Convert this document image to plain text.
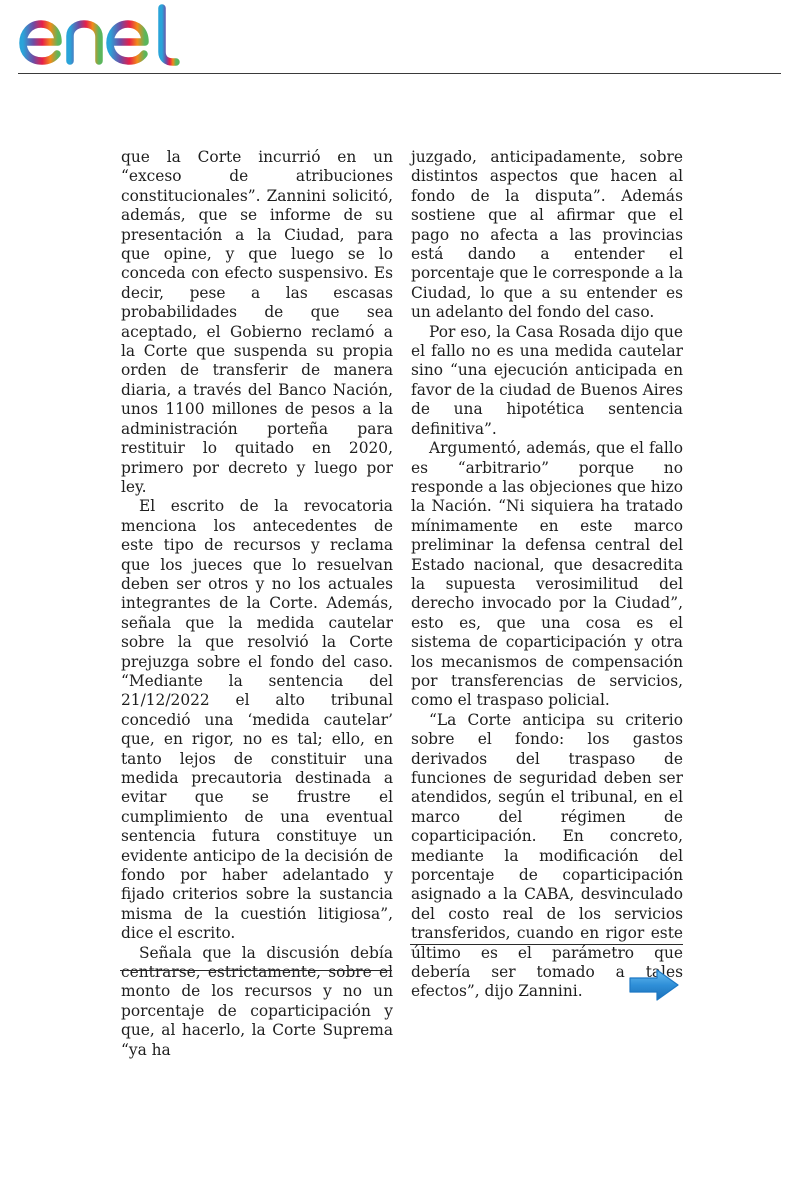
que la Corte incurrió en un “exceso de atribuciones constitucionales”. Zannini solicitó, además, que se informe de su presentación a la Ciudad, para que opine, y que luego se lo conceda con efecto suspensivo. Es decir, pese a las escasas probabilidades de que sea aceptado, el Gobierno reclamó a la Corte que suspenda su propia orden de transferir de manera diaria, a través del Banco Nación, unos 1100 millones de pesos a la administración porteña para restituir lo quitado en 2020, primero por decreto y luego por ley.

El escrito de la revocatoria menciona los antecedentes de este tipo de recursos y reclama que los jueces que lo resuelvan deben ser otros y no los actuales integrantes de la Corte. Además, señala que la medida cautelar sobre la que resolvió la Corte prejuzga sobre el fondo del caso. “Mediante la sentencia del 21/12/2022 el alto tribunal concedió una ‘medida cautelar’ que, en rigor, no es tal; ello, en tanto lejos de constituir una medida precautoria destinada a evitar que se frustre el cumplimiento de una eventual sentencia futura constituye un evidente anticipo de la decisión de fondo por haber adelantado y fijado criterios sobre la sustancia misma de la cuestión litigiosa”, dice el escrito.

Señala que la discusión debía centrarse, estrictamente, sobre el monto de los recursos y no un porcentaje de coparticipación y que, al hacerlo, la Corte Suprema “ya ha

juzgado, anticipadamente, sobre distintos aspectos que hacen al fondo de la disputa”. Además sostiene que al afirmar que el pago no afecta a las provincias está dando a entender el porcentaje que le corresponde a la Ciudad, lo que a su entender es un adelanto del fondo del caso.

Por eso, la Casa Rosada dijo que el fallo no es una medida cautelar sino “una ejecución anticipada en favor de la ciudad de Buenos Aires de una hipotética sentencia definitiva”.

Argumentó, además, que el fallo es “arbitrario” porque no responde a las objeciones que hizo la Nación. “Ni siquiera ha tratado mínimamente en este marco preliminar la defensa central del Estado nacional, que desacredita la supuesta verosimilitud del derecho invocado por la Ciudad”, esto es, que una cosa es el sistema de coparticipación y otra los mecanismos de compensación por transferencias de servicios, como el traspaso policial.

“La Corte anticipa su criterio sobre el fondo: los gastos derivados del traspaso de funciones de seguridad deben ser atendidos, según el tribunal, en el marco del régimen de coparticipación. En concreto, mediante la modificación del porcentaje de coparticipación asignado a la CABA, desvinculado del costo real de los servicios transferidos, cuando en rigor este último es el parámetro que debería ser tomado a tales efectos”, dijo Zannini.
